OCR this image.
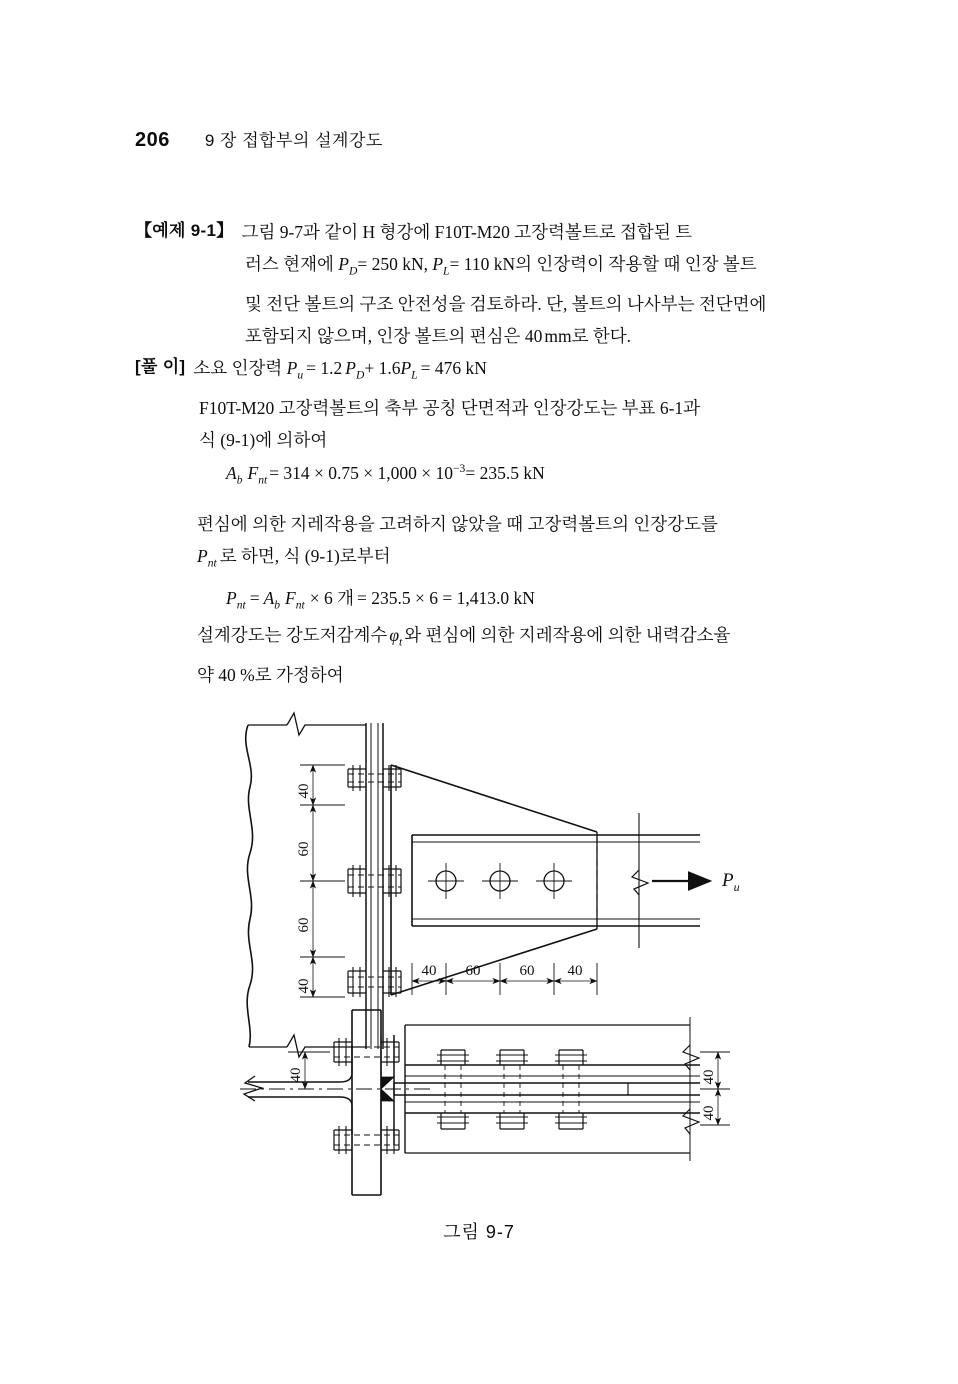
206 9 장 접합부의 설계강도
【예제 9-1】 그림 9-7과 같이 H 형강에 F10T-M20 고장력볼트로 접합된 트
러스 현재에 $P_D= 250$ kN, $P_L= 110$ kN의 인장력이 작용할 때 인장 볼트
및 전단 볼트의 구조 안전성을 검토하라. 단, 볼트의 나사부는 전단면에
포함되지 않으며, 인장 볼트의 편심은 40 mm로 한다.
[풀 이] 소요 인장력 $P_u = 1.2$ $P_D+ 1.6P_L = 476$ kN
F10T-M20 고장력볼트의 축부 공칭 단면적과 인장강도는 부표 6-1과
식 (9-1)에 의하여
$A_b$ $F_{nt} = 314 \times 0.75 \times 1,000 \times 10^{-3}= 235.5$ kN
편심에 의한 지레작용을 고려하지 않았을 때 고장력볼트의 인장강도를
$P_{nt}$ 로 하면, 식 (9-1)로부터
$P_{nt} = A_b$ $F_{nt} \times 6$ 개 = 235.5 × 6 = 1,413.0 kN
설계강도는 강도저감계수 $\varphi_t$ 와 편심에 의한 지레작용에 의한 내력감소율
약 40 %로 가정하여
40
60
60
40
40 60	60 40
40	40
40
$P_u$
그림 9-7
